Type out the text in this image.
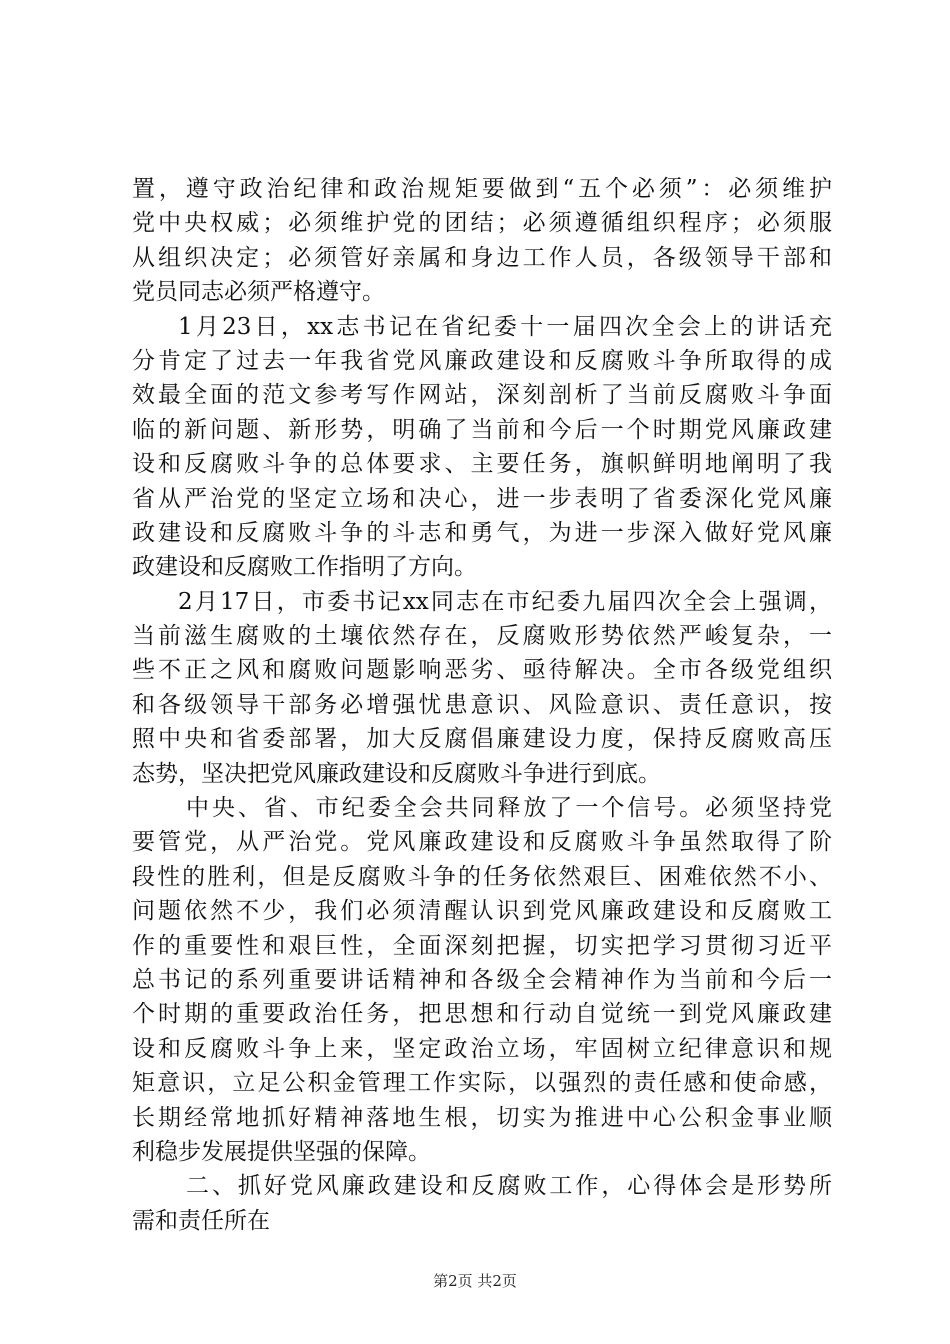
置，遵守政治纪律和政治规矩要做到“五个必须”：必须维护
党中央权威；必须维护党的团结；必须遵循组织程序；必须服
从组织决定；必须管好亲属和身边工作人员，各级领导干部和
党员同志必须严格遵守。
1月23日，xx志书记在省纪委十一届四次全会上的讲话充
分肯定了过去一年我省党风廉政建设和反腐败斗争所取得的成
效最全面的范文参考写作网站，深刻剖析了当前反腐败斗争面
临的新问题、新形势，明确了当前和今后一个时期党风廉政建
设和反腐败斗争的总体要求、主要任务，旗帜鲜明地阐明了我
省从严治党的坚定立场和决心，进一步表明了省委深化党风廉
政建设和反腐败斗争的斗志和勇气，为进一步深入做好党风廉
政建设和反腐败工作指明了方向。
2月17日，市委书记xx同志在市纪委九届四次全会上强调，
当前滋生腐败的土壤依然存在，反腐败形势依然严峻复杂，一
些不正之风和腐败问题影响恶劣、亟待解决。全市各级党组织
和各级领导干部务必增强忧患意识、风险意识、责任意识，按
照中央和省委部署，加大反腐倡廉建设力度，保持反腐败高压
态势，坚决把党风廉政建设和反腐败斗争进行到底。
中央、省、市纪委全会共同释放了一个信号。必须坚持党
要管党，从严治党。党风廉政建设和反腐败斗争虽然取得了阶
段性的胜利，但是反腐败斗争的任务依然艰巨、困难依然不小、
问题依然不少，我们必须清醒认识到党风廉政建设和反腐败工
作的重要性和艰巨性，全面深刻把握，切实把学习贯彻习近平
总书记的系列重要讲话精神和各级全会精神作为当前和今后一
个时期的重要政治任务，把思想和行动自觉统一到党风廉政建
设和反腐败斗争上来，坚定政治立场，牢固树立纪律意识和规
矩意识，立足公积金管理工作实际，以强烈的责任感和使命感，
长期经常地抓好精神落地生根，切实为推进中心公积金事业顺
利稳步发展提供坚强的保障。
二、抓好党风廉政建设和反腐败工作，心得体会是形势所
需和责任所在
第2页 共2页
